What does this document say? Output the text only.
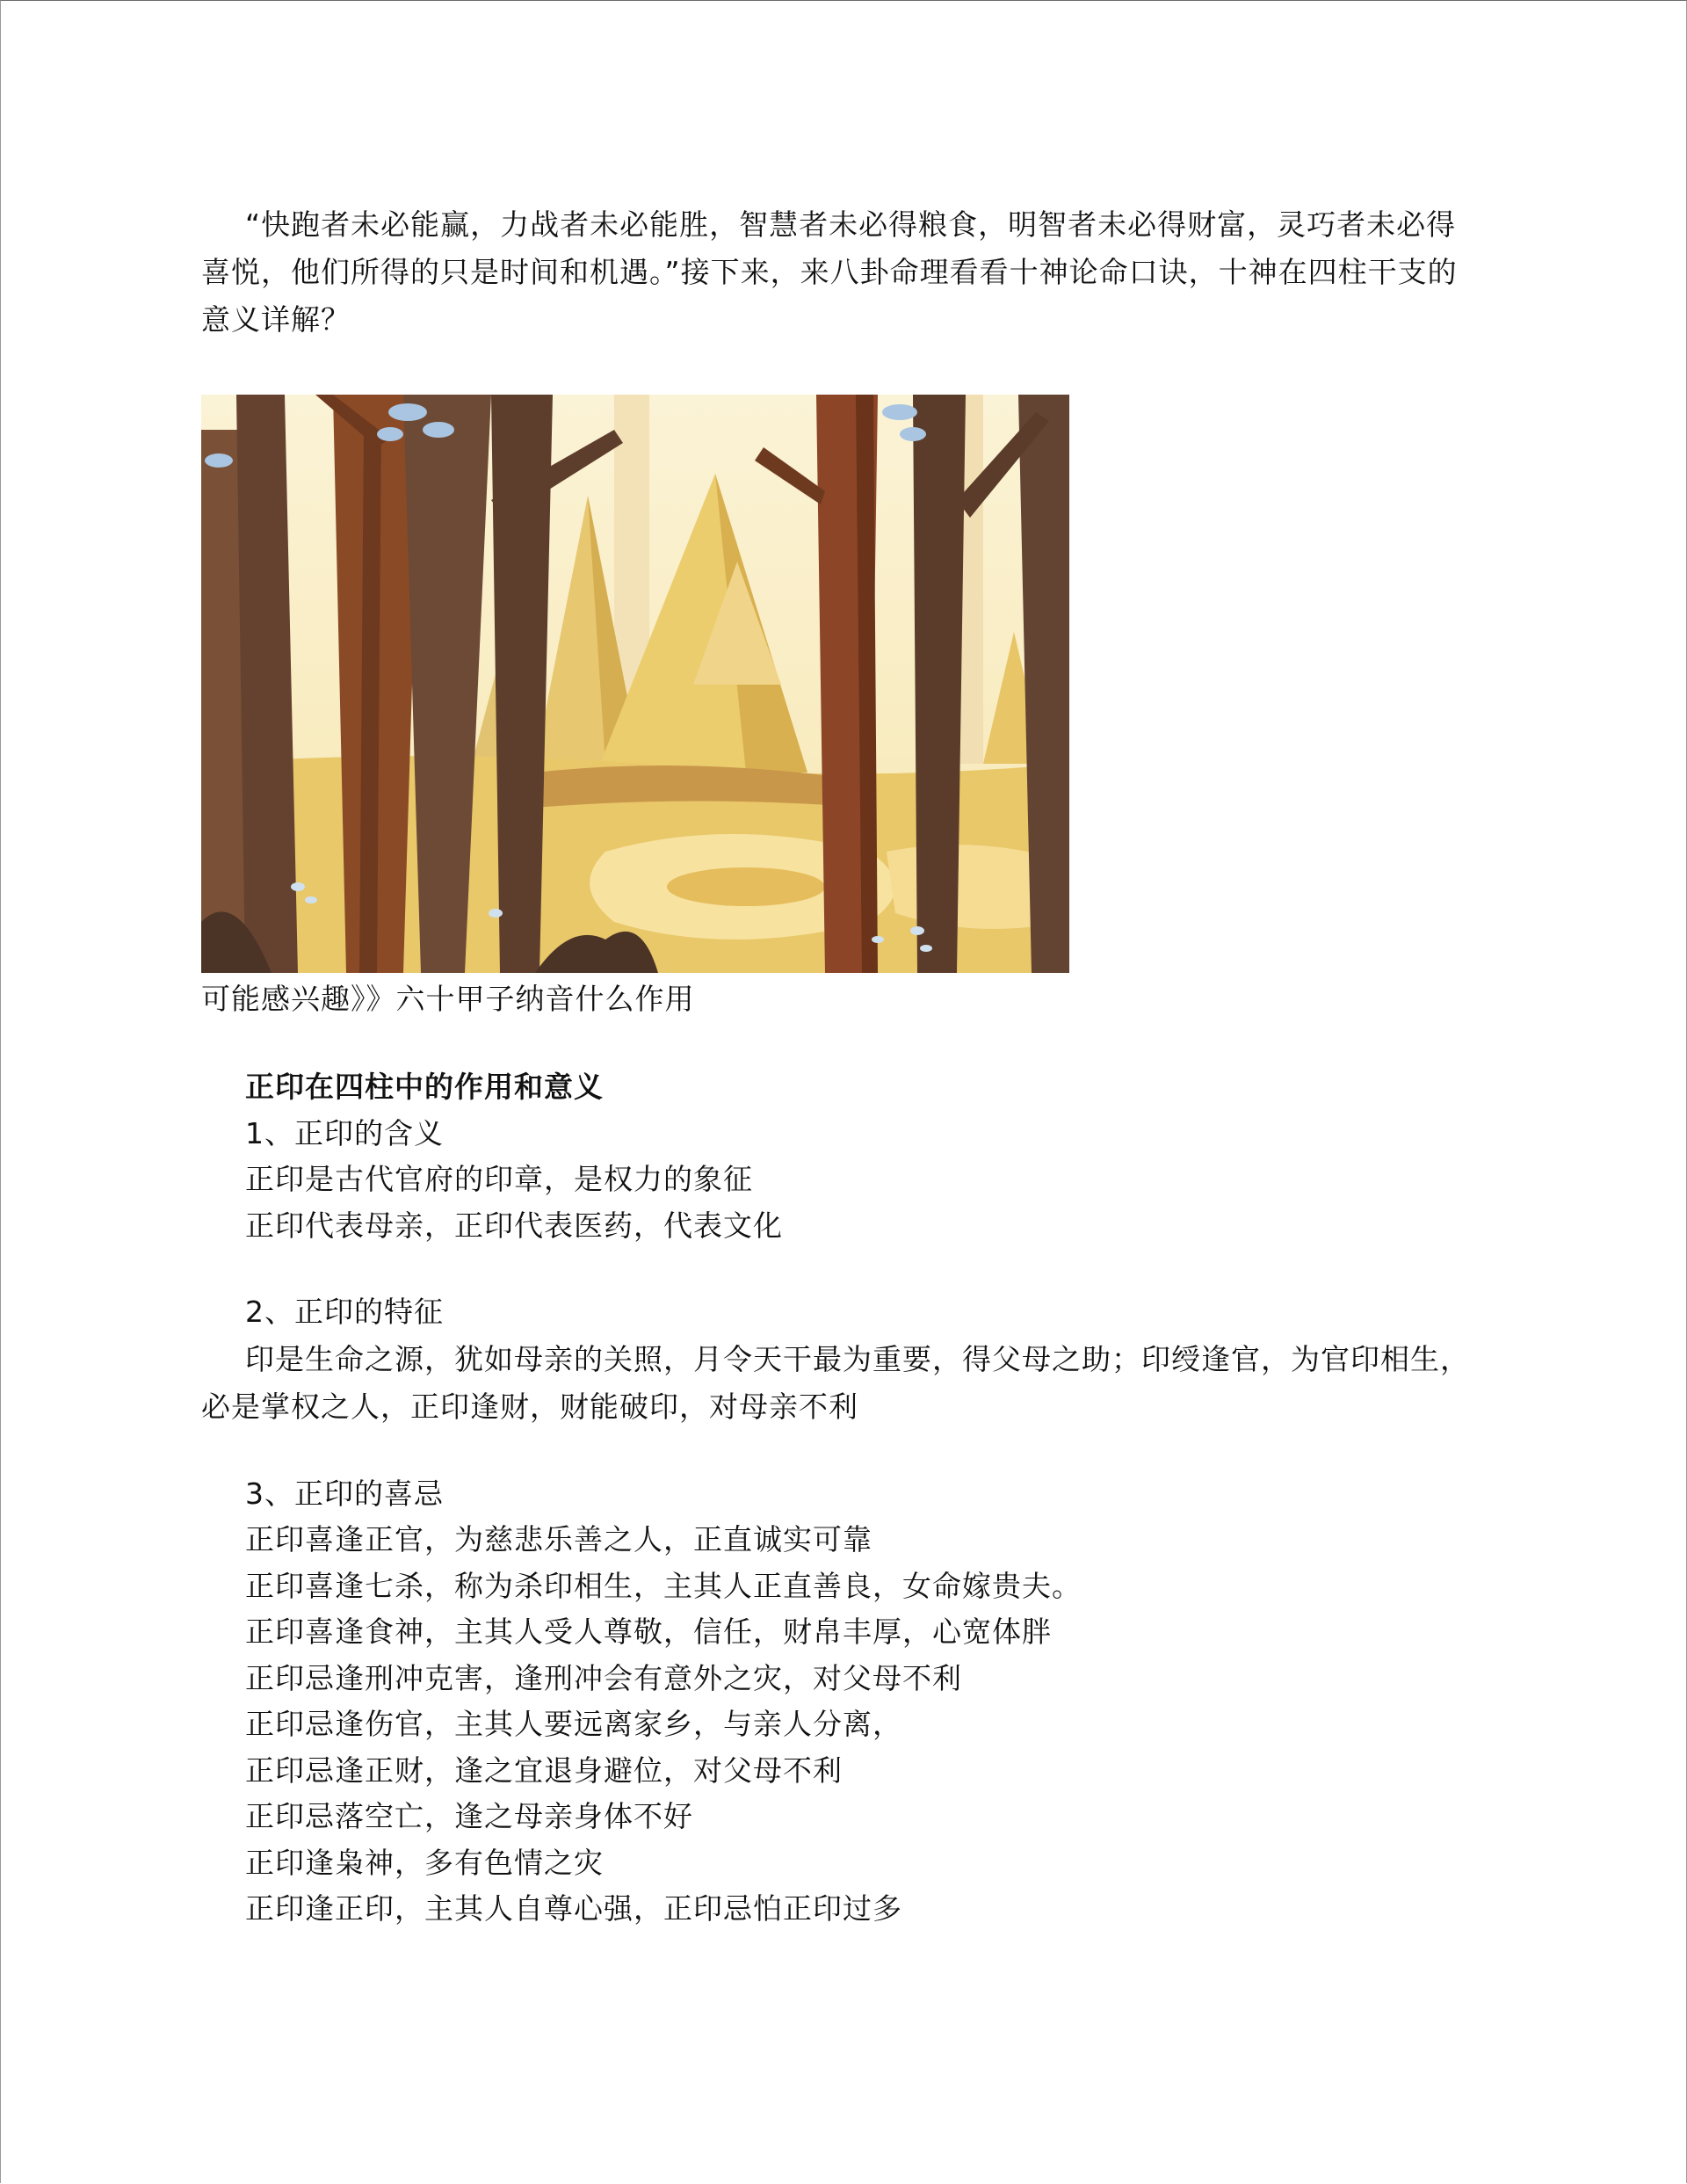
“快跑者未必能赢，力战者未必能胜，智慧者未必得粮食，明智者未必得财富，灵巧者未必得喜悦，他们所得的只是时间和机遇。”接下来，来八卦命理看看十神论命口诀，十神在四柱干支的意义详解？

可能感兴趣》》六十甲子纳音什么作用

正印在四柱中的作用和意义
1、正印的含义
正印是古代官府的印章，是权力的象征
正印代表母亲，正印代表医药，代表文化
2、正印的特征

印是生命之源，犹如母亲的关照，月令天干最为重要，得父母之助；印绶逢官，为官印相生，必是掌权之人，正印逢财，财能破印，对母亲不利

3、正印的喜忌
正印喜逢正官，为慈悲乐善之人，正直诚实可靠
正印喜逢七杀，称为杀印相生，主其人正直善良，女命嫁贵夫。
正印喜逢食神，主其人受人尊敬，信任，财帛丰厚，心宽体胖
正印忌逢刑冲克害，逢刑冲会有意外之灾，对父母不利
正印忌逢伤官，主其人要远离家乡，与亲人分离，
正印忌逢正财，逢之宜退身避位，对父母不利
正印忌落空亡，逢之母亲身体不好
正印逢枭神，多有色情之灾
正印逢正印，主其人自尊心强，正印忌怕正印过多
